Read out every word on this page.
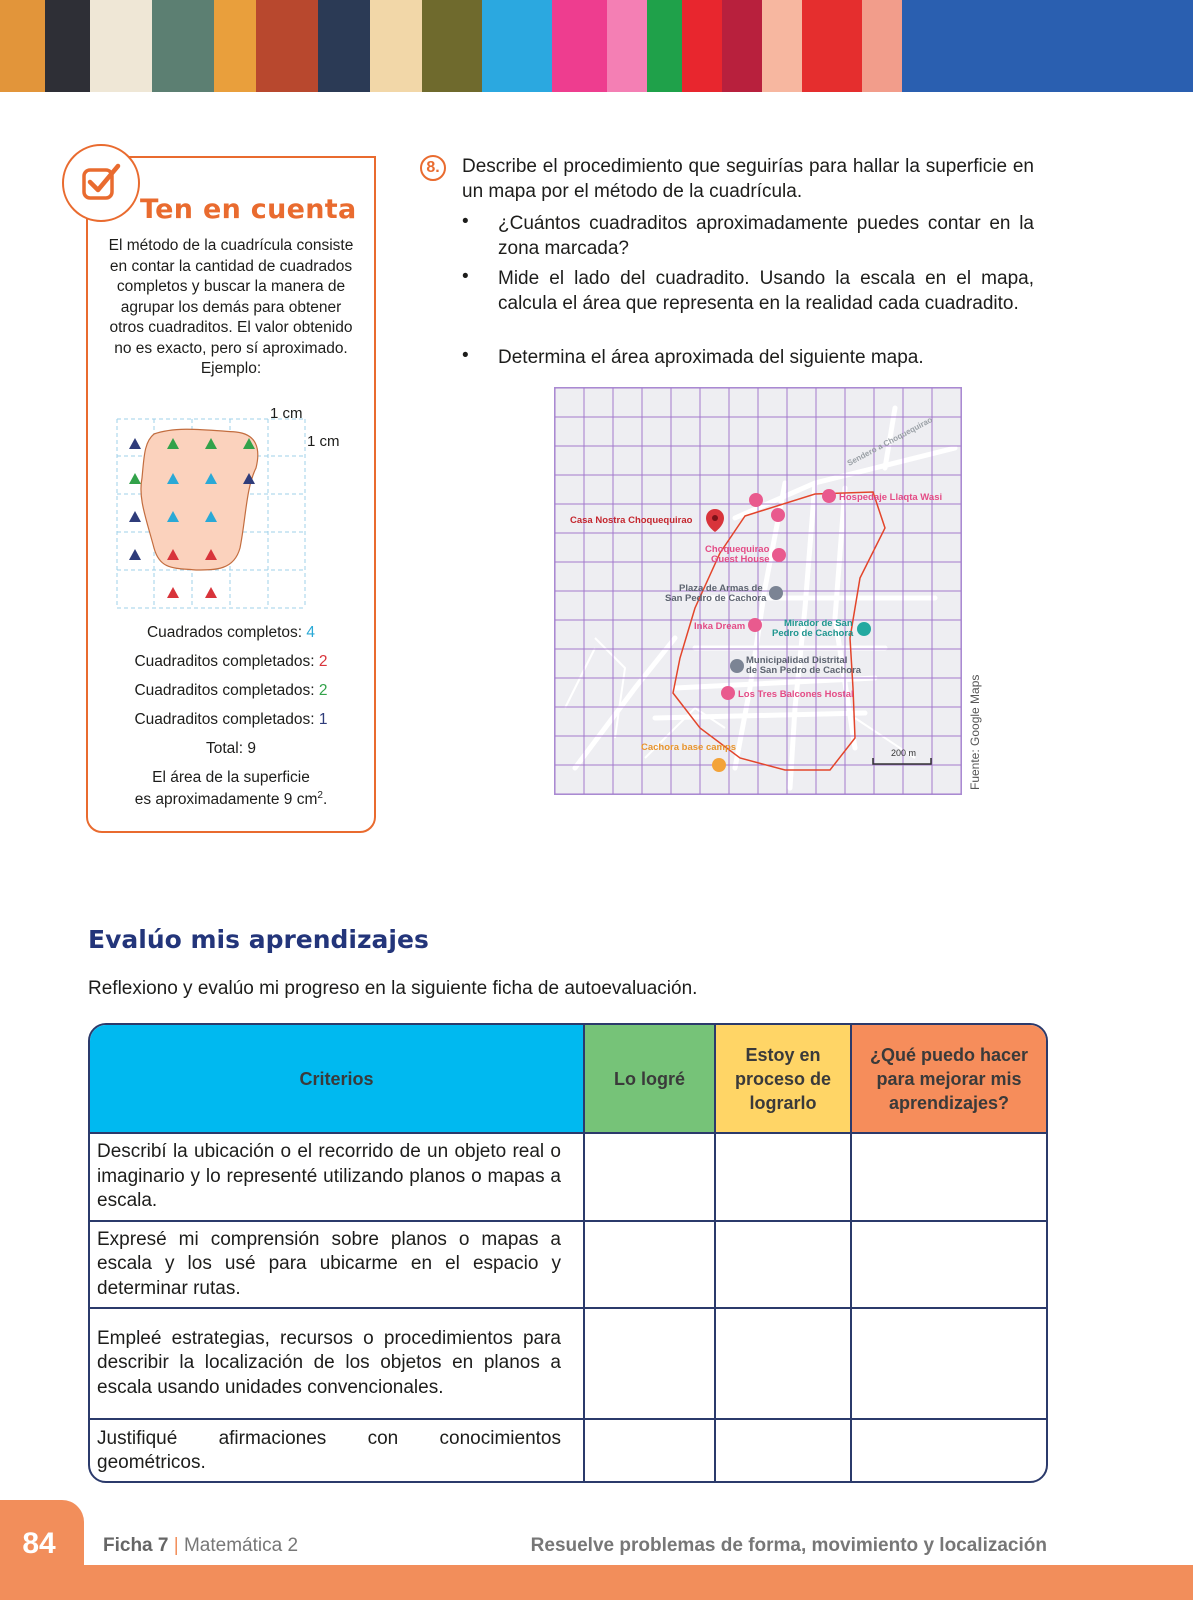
Ten en cuenta
El método de la cuadrícula consiste en contar la cantidad de cuadrados completos y buscar la manera de agrupar los demás para obtener otros cuadraditos. El valor obtenido no es exacto, pero sí aproximado. Ejemplo:
1 cm
1 cm
Cuadrados completos: 4
Cuadraditos completados: 2
Cuadraditos completados: 2
Cuadraditos completados: 1
Total: 9
El área de la superficie
es aproximadamente 9 $cm^2$.
8.	Describe el procedimiento que seguirías para hallar la superficie en un mapa por el método de la cuadrícula.
• ¿Cuántos cuadraditos aproximadamente puedes contar en la zona marcada?
• Mide el lado del cuadradito. Usando la escala en el mapa, calcula el área que representa en la realidad cada cuadradito.
• Determina el área aproximada del siguiente mapa.
Sendero a Choquequirao
Hospedaje Llaqta Wasi
Casa Nostra Choquequirao
Choquequirao
Guest House
Plaza de Armas de
San Pedro de Cachora
Inka Dream	Mirador de San
Pedro de Cachora
Municipalidad Distrital
de San Pedro de Cachora
Los Tres Balcones Hostal
Cachora base camps	200 m	Fuente: Google Maps
Evalúo mis aprendizajes
Reflexiono y evalúo mi progreso en la siguiente ficha de autoevaluación.
Criterios	Lo logré	Estoy en proceso de lograrlo	¿Qué puedo hacer para mejorar mis aprendizajes?
Describí la ubicación o el recorrido de un objeto real o imaginario y lo representé utilizando planos o mapas a escala.			
Expresé mi comprensión sobre planos o mapas a escala y los usé para ubicarme en el espacio y determinar rutas.			
Empleé estrategias, recursos o procedimientos para describir la localización de los objetos en planos a escala usando unidades convencionales.			
Justifiqué afirmaciones con conocimientos geométricos.			
84	Ficha 7 | Matemática 2	Resuelve problemas de forma, movimiento y localización
